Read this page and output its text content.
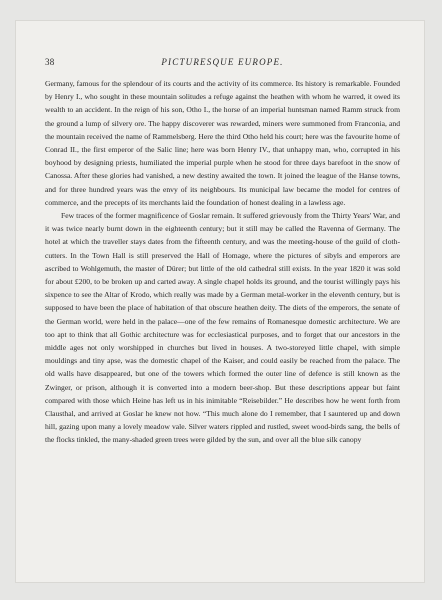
38	PICTURESQUE EUROPE.

Germany, famous for the splendour of its courts and the activity of its commerce. Its history is remarkable. Founded by Henry I., who sought in these mountain solitudes a refuge against the heathen with whom he warred, it owed its wealth to an accident. In the reign of his son, Otho I., the horse of an imperial huntsman named Ramm struck from the ground a lump of silvery ore. The happy discoverer was rewarded, miners were summoned from Franconia, and the mountain received the name of Rammelsberg. Here the third Otho held his court; here was the favourite home of Conrad II., the first emperor of the Salic line; here was born Henry IV., that unhappy man, who, corrupted in his boyhood by designing priests, humiliated the imperial purple when he stood for three days barefoot in the snow of Canossa. After these glories had vanished, a new destiny awaited the town. It joined the league of the Hanse towns, and for three hundred years was the envy of its neighbours. Its municipal law became the model for centres of commerce, and the precepts of its merchants laid the foundation of honest dealing in a lawless age.

Few traces of the former magnificence of Goslar remain. It suffered grievously from the Thirty Years' War, and it was twice nearly burnt down in the eighteenth century; but it still may be called the Ravenna of Germany. The hotel at which the traveller stays dates from the fifteenth century, and was the meeting-house of the guild of cloth-cutters. In the Town Hall is still preserved the Hall of Homage, where the pictures of sibyls and emperors are ascribed to Wohlgemuth, the master of Dürer; but little of the old cathedral still exists. In the year 1820 it was sold for about £200, to be broken up and carted away. A single chapel holds its ground, and the tourist willingly pays his sixpence to see the Altar of Krodo, which really was made by a German metal-worker in the eleventh century, but is supposed to have been the place of habitation of that obscure heathen deity. The diets of the emperors, the senate of the German world, were held in the palace—one of the few remains of Romanesque domestic architecture. We are too apt to think that all Gothic architecture was for ecclesiastical purposes, and to forget that our ancestors in the middle ages not only worshipped in churches but lived in houses. A two-storeyed little chapel, with simple mouldings and tiny apse, was the domestic chapel of the Kaiser, and could easily be reached from the palace. The old walls have disappeared, but one of the towers which formed the outer line of defence is still known as the Zwinger, or prison, although it is converted into a modern beer-shop. But these descriptions appear but faint compared with those which Heine has left us in his inimitable “Reisebilder.” He describes how he went forth from Clausthal, and arrived at Goslar he knew not how. “This much alone do I remember, that I sauntered up and down hill, gazing upon many a lovely meadow vale. Silver waters rippled and rustled, sweet wood-birds sang, the bells of the flocks tinkled, the many-shaded green trees were gilded by the sun, and over all the blue silk canopy
